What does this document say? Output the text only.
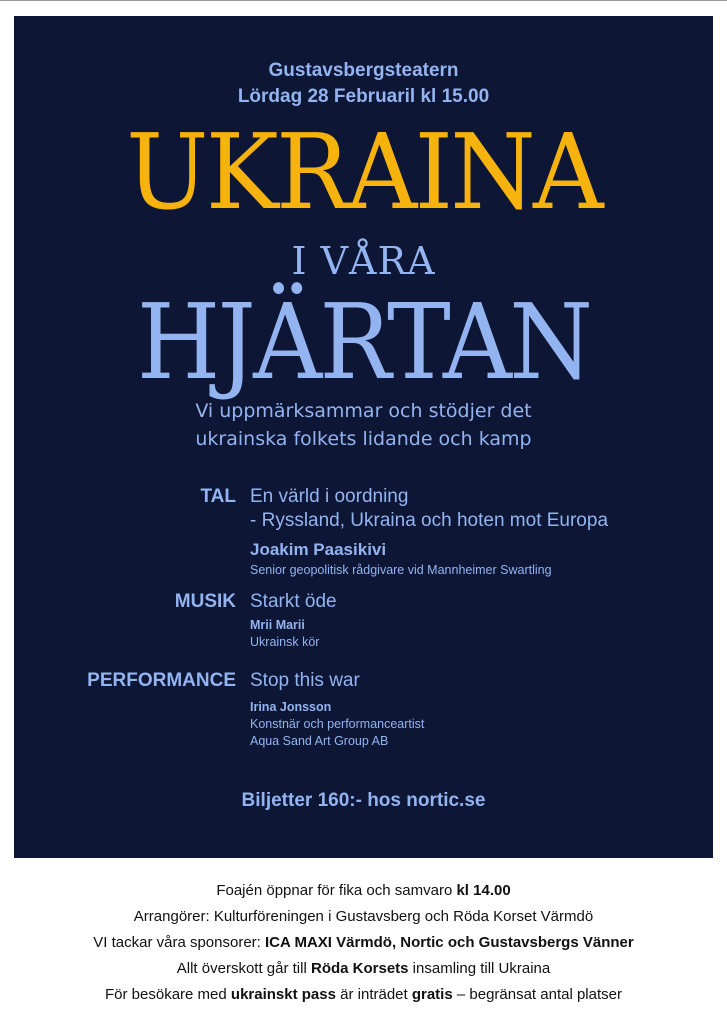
Gustavsbergsteatern
Lördag 28 Februaril kl 15.00
UKRAINA
I VÅRA
HJÄRTAN
Vi uppmärksammar och stödjer det
ukrainska folkets lidande och kamp
TAL En värld i oordning
- Ryssland, Ukraina och hoten mot Europa
Joakim Paasikivi
Senior geopolitisk rådgivare vid Mannheimer Swartling
MUSIK Starkt öde
Mrii Marii
Ukrainsk kör
PERFORMANCE Stop this war
Irina Jonsson
Konstnär och performanceartist
Aqua Sand Art Group AB
Biljetter 160:- hos nortic.se
Foajén öppnar för fika och samvaro kl 14.00
Arrangörer: Kulturföreningen i Gustavsberg och Röda Korset Värmdö
VI tackar våra sponsorer: ICA MAXI Värmdö, Nortic och Gustavsbergs Vänner
Allt överskott går till Röda Korsets insamling till Ukraina
För besökare med ukrainskt pass är inträdet gratis – begränsat antal platser
